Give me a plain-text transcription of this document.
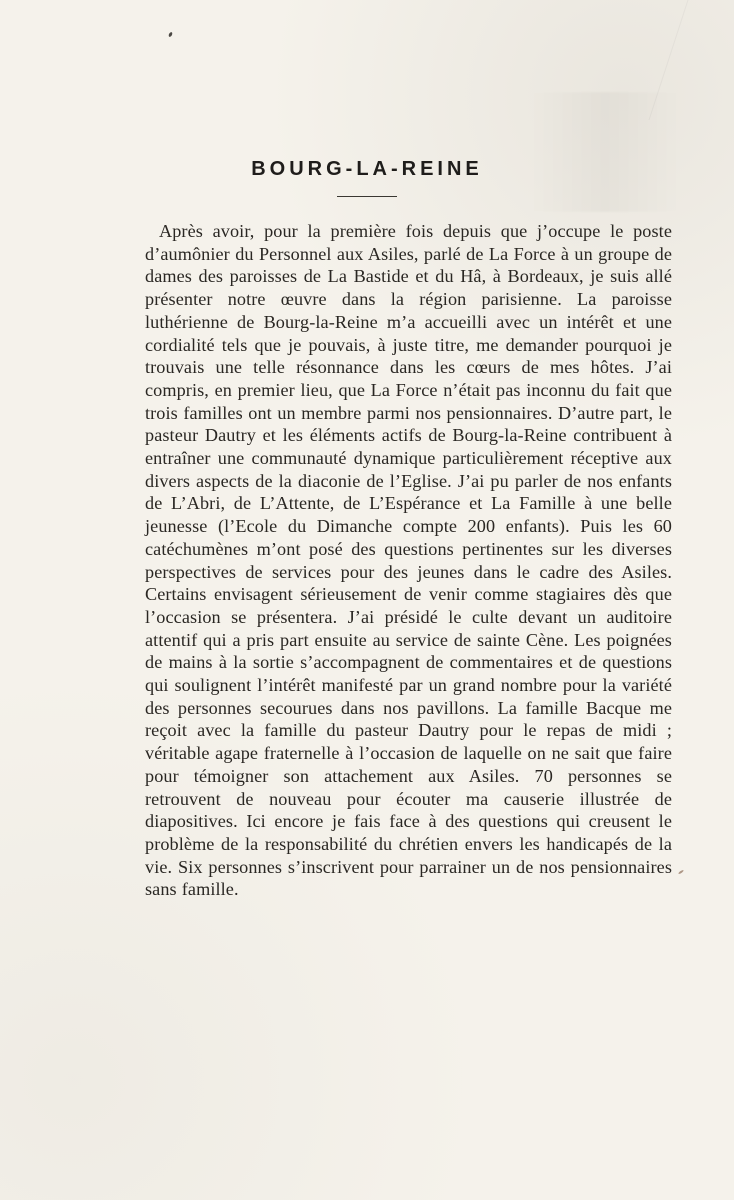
BOURG-LA-REINE

Après avoir, pour la première fois depuis que j’occupe le poste d’aumônier du Personnel aux Asiles, parlé de La Force à un groupe de dames des paroisses de La Bastide et du Hâ, à Bordeaux, je suis allé présenter notre œuvre dans la région parisienne. La paroisse luthérienne de Bourg-la-Reine m’a accueilli avec un intérêt et une cordialité tels que je pouvais, à juste titre, me demander pourquoi je trouvais une telle résonnance dans les cœurs de mes hôtes. J’ai compris, en premier lieu, que La Force n’était pas inconnu du fait que trois familles ont un membre parmi nos pensionnaires. D’autre part, le pasteur Dautry et les éléments actifs de Bourg-la-Reine contribuent à entraîner une communauté dynamique particulièrement réceptive aux divers aspects de la diaconie de l’Eglise. J’ai pu parler de nos enfants de L’Abri, de L’Attente, de L’Espérance et La Famille à une belle jeunesse (l’Ecole du Dimanche compte 200 enfants). Puis les 60 catéchumènes m’ont posé des questions pertinentes sur les diverses perspectives de services pour des jeunes dans le cadre des Asiles. Certains envisagent sérieusement de venir comme stagiaires dès que l’occasion se présentera. J’ai présidé le culte devant un auditoire attentif qui a pris part ensuite au service de sainte Cène. Les poignées de mains à la sortie s’accompagnent de commentaires et de questions qui soulignent l’intérêt manifesté par un grand nombre pour la variété des personnes secourues dans nos pavillons. La famille Bacque me reçoit avec la famille du pasteur Dautry pour le repas de midi ; véritable agape fraternelle à l’occasion de laquelle on ne sait que faire pour témoigner son attachement aux Asiles. 70 personnes se retrouvent de nouveau pour écouter ma causerie illustrée de diapositives. Ici encore je fais face à des questions qui creusent le problème de la responsabilité du chrétien envers les handicapés de la vie. Six personnes s’inscrivent pour parrainer un de nos pensionnaires sans famille.
